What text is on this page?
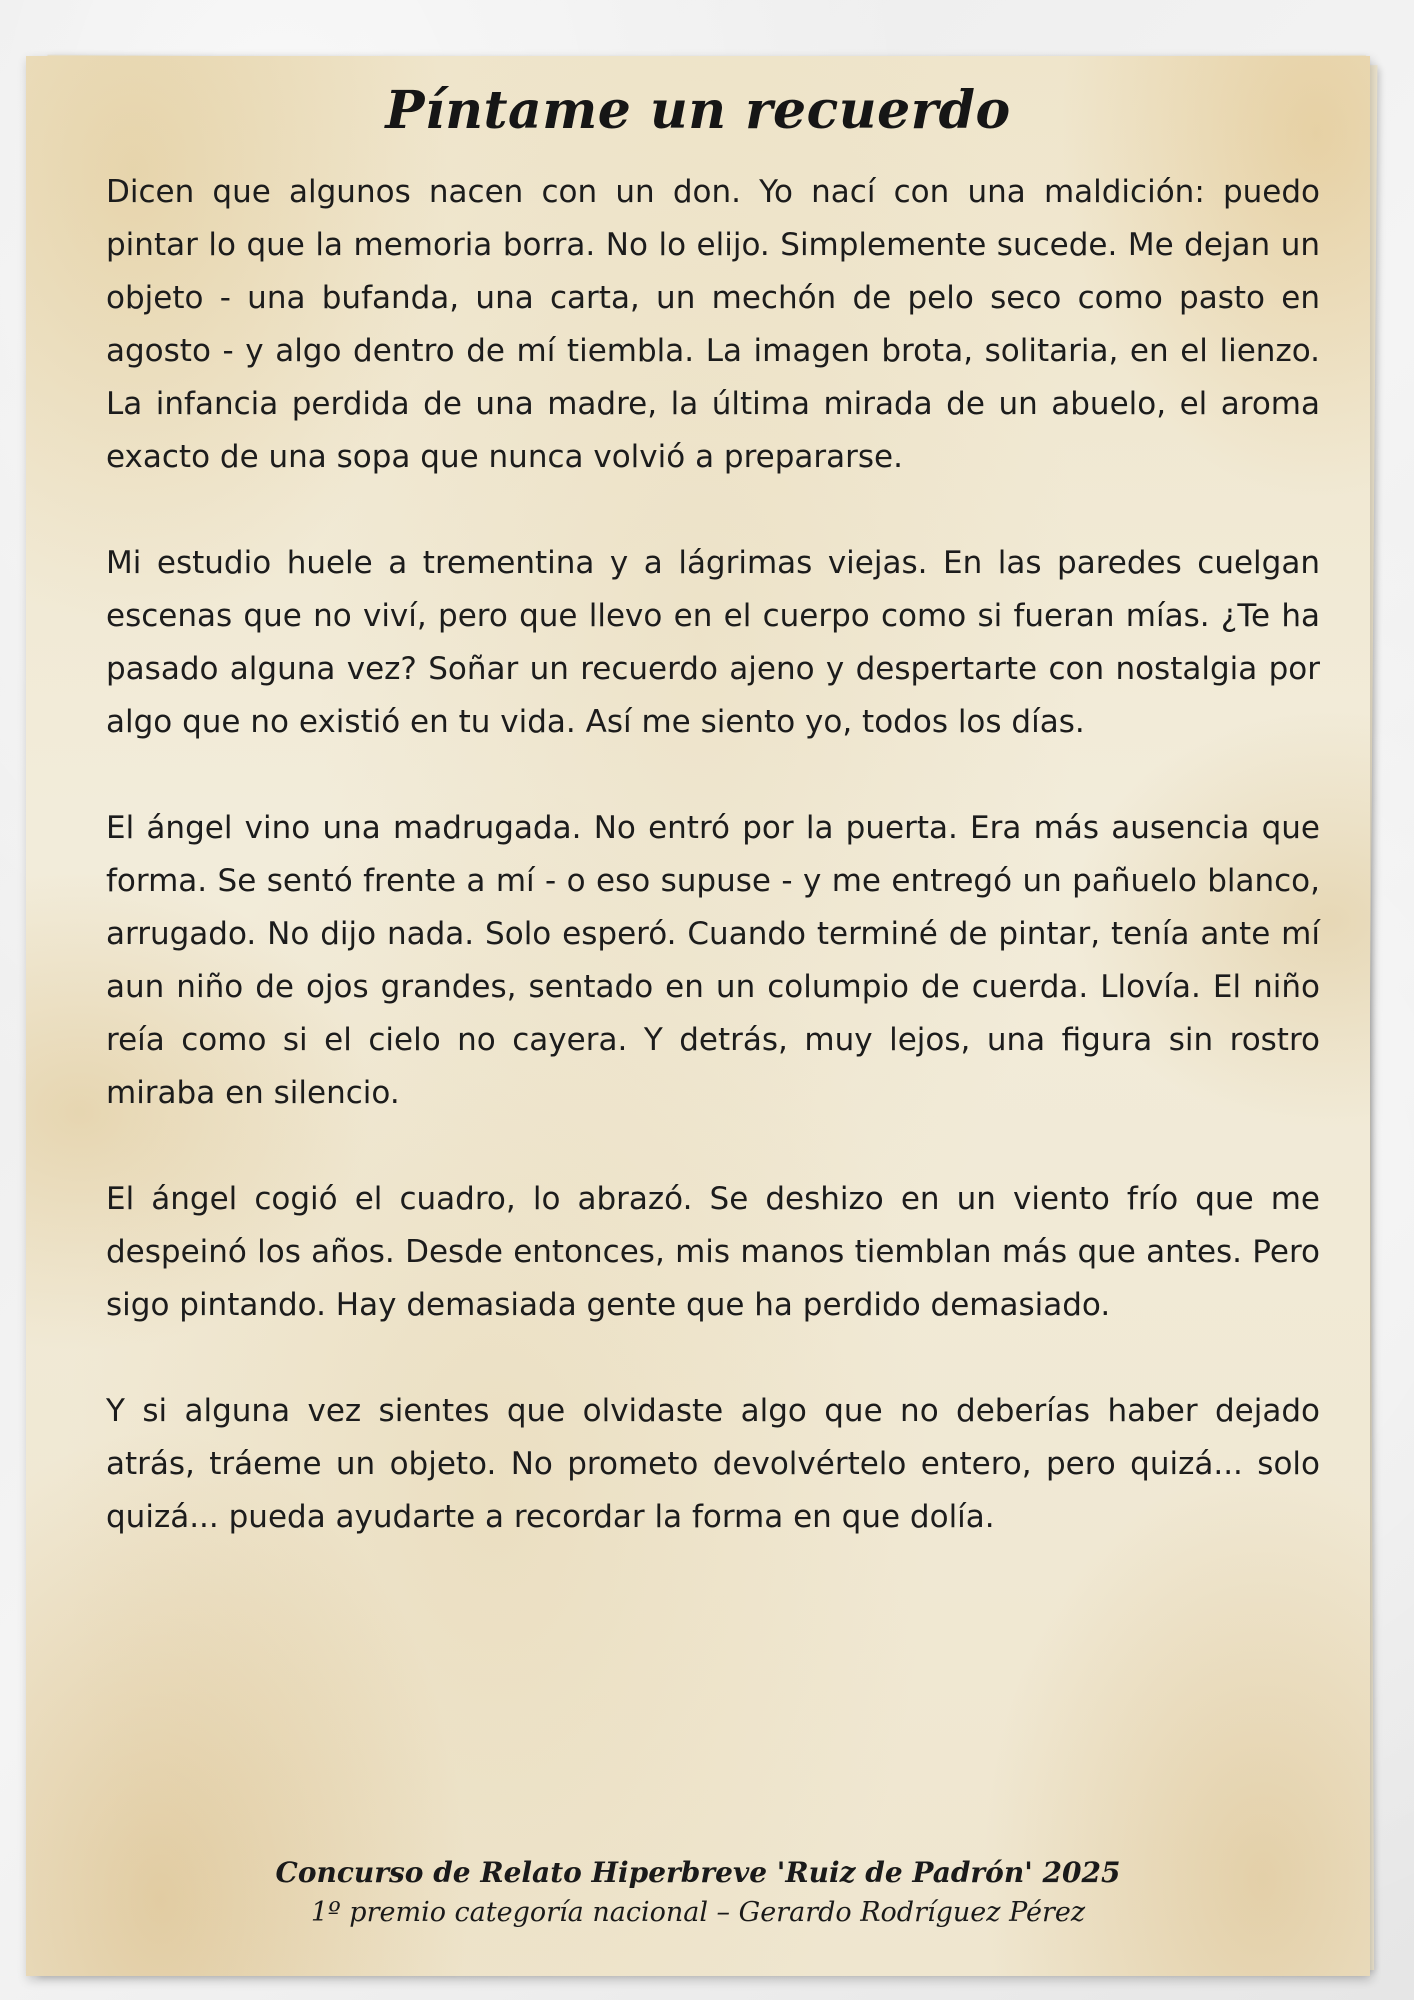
Píntame un recuerdo

Dicen que algunos nacen con un don. Yo nací con una maldición: puedo pintar lo que la memoria borra. No lo elijo. Simplemente sucede. Me dejan un objeto - una bufanda, una carta, un mechón de pelo seco como pasto en agosto - y algo dentro de mí tiembla. La imagen brota, solitaria, en el lienzo. La infancia perdida de una madre, la última mirada de un abuelo, el aroma exacto de una sopa que nunca volvió a prepararse.

Mi estudio huele a trementina y a lágrimas viejas. En las paredes cuelgan escenas que no viví, pero que llevo en el cuerpo como si fueran mías. ¿Te ha pasado alguna vez? Soñar un recuerdo ajeno y despertarte con nostalgia por algo que no existió en tu vida. Así me siento yo, todos los días.

El ángel vino una madrugada. No entró por la puerta. Era más ausencia que forma. Se sentó frente a mí - o eso supuse - y me entregó un pañuelo blanco, arrugado. No dijo nada. Solo esperó. Cuando terminé de pintar, tenía ante mí aun niño de ojos grandes, sentado en un columpio de cuerda. Llovía. El niño reía como si el cielo no cayera. Y detrás, muy lejos, una figura sin rostro miraba en silencio.

El ángel cogió el cuadro, lo abrazó. Se deshizo en un viento frío que me despeinó los años. Desde entonces, mis manos tiemblan más que antes. Pero sigo pintando. Hay demasiada gente que ha perdido demasiado.

Y si alguna vez sientes que olvidaste algo que no deberías haber dejado atrás, tráeme un objeto. No prometo devolvértelo entero, pero quizá... solo quizá... pueda ayudarte a recordar la forma en que dolía.

Concurso de Relato Hiperbreve 'Ruiz de Padrón' 2025
1º premio categoría nacional – Gerardo Rodríguez Pérez
